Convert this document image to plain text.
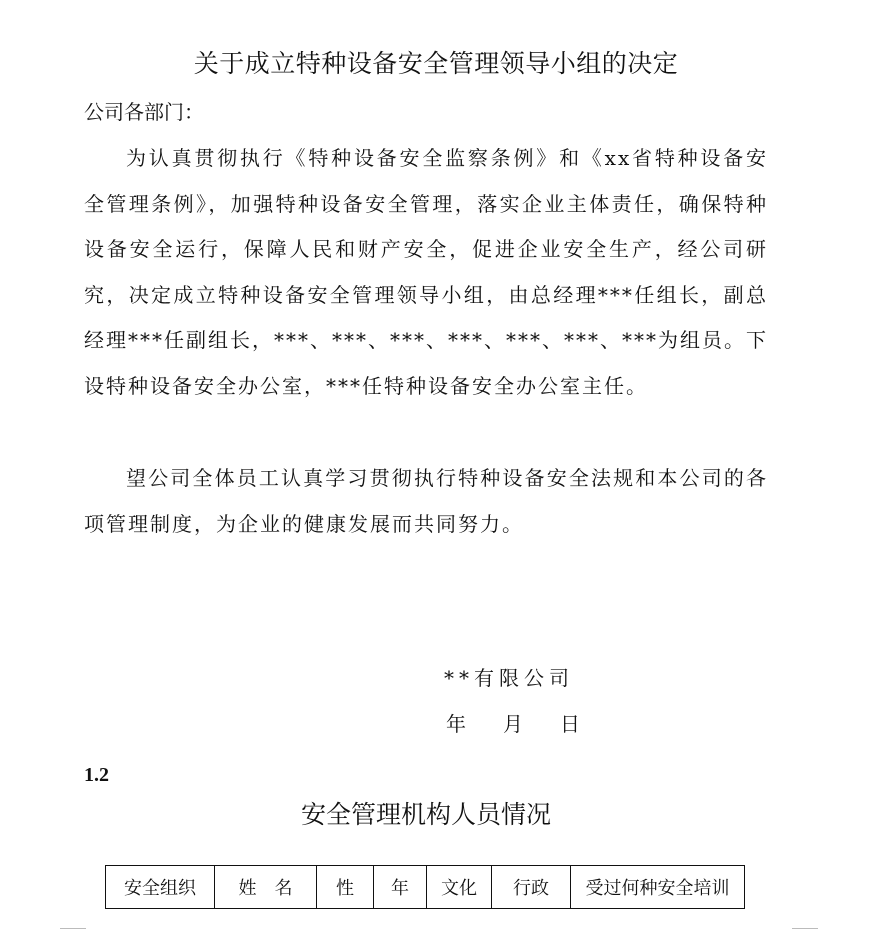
关于成立特种设备安全管理领导小组的决定
公司各部门：
为认真贯彻执行《特种设备安全监察条例》和《xx省特种设备安全管理条例》，加强特种设备安全管理，落实企业主体责任，确保特种设备安全运行，保障人民和财产安全，促进企业安全生产，经公司研究，决定成立特种设备安全管理领导小组，由总经理***任组长，副总经理***任副组长，***、***、***、***、***、***、***为组员。下设特种设备安全办公室，***任特种设备安全办公室主任。
望公司全体员工认真学习贯彻执行特种设备安全法规和本公司的各项管理制度，为企业的健康发展而共同努力。
**有限公司
年 月 日
1.2
安全管理机构人员情况
安全组织	姓　名	性	年	文化	行政	受过何种安全培训
